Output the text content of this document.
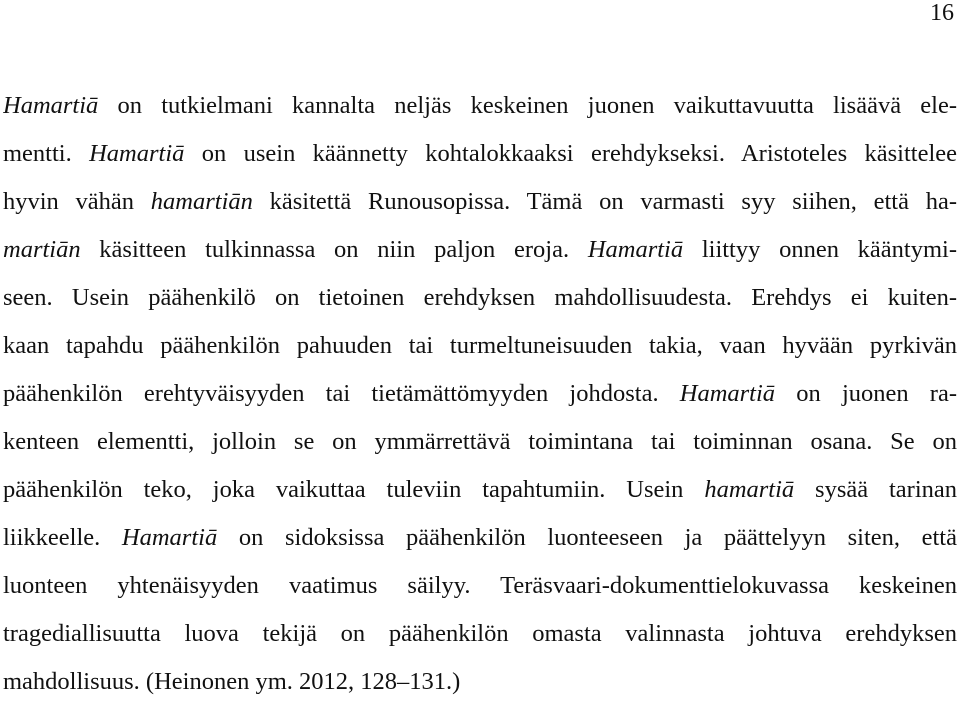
16
Hamartiā on tutkielmani kannalta neljäs keskeinen juonen vaikuttavuutta lisäävä ele-
mentti. Hamartiā on usein käännetty kohtalokkaaksi erehdykseksi. Aristoteles käsittelee
hyvin vähän hamartiān käsitettä Runousopissa. Tämä on varmasti syy siihen, että ha-
martiān käsitteen tulkinnassa on niin paljon eroja. Hamartiā liittyy onnen kääntymi-
seen. Usein päähenkilö on tietoinen erehdyksen mahdollisuudesta. Erehdys ei kuiten-
kaan tapahdu päähenkilön pahuuden tai turmeltuneisuuden takia, vaan hyvään pyrkivän
päähenkilön erehtyväisyyden tai tietämättömyyden johdosta. Hamartiā on juonen ra-
kenteen elementti, jolloin se on ymmärrettävä toimintana tai toiminnan osana. Se on
päähenkilön teko, joka vaikuttaa tuleviin tapahtumiin. Usein hamartiā sysää tarinan
liikkeelle. Hamartiā on sidoksissa päähenkilön luonteeseen ja päättelyyn siten, että
luonteen yhtenäisyyden vaatimus säilyy. Teräsvaari-dokumenttielokuvassa keskeinen
tragediallisuutta luova tekijä on päähenkilön omasta valinnasta johtuva erehdyksen
mahdollisuus. (Heinonen ym. 2012, 128–131.)
